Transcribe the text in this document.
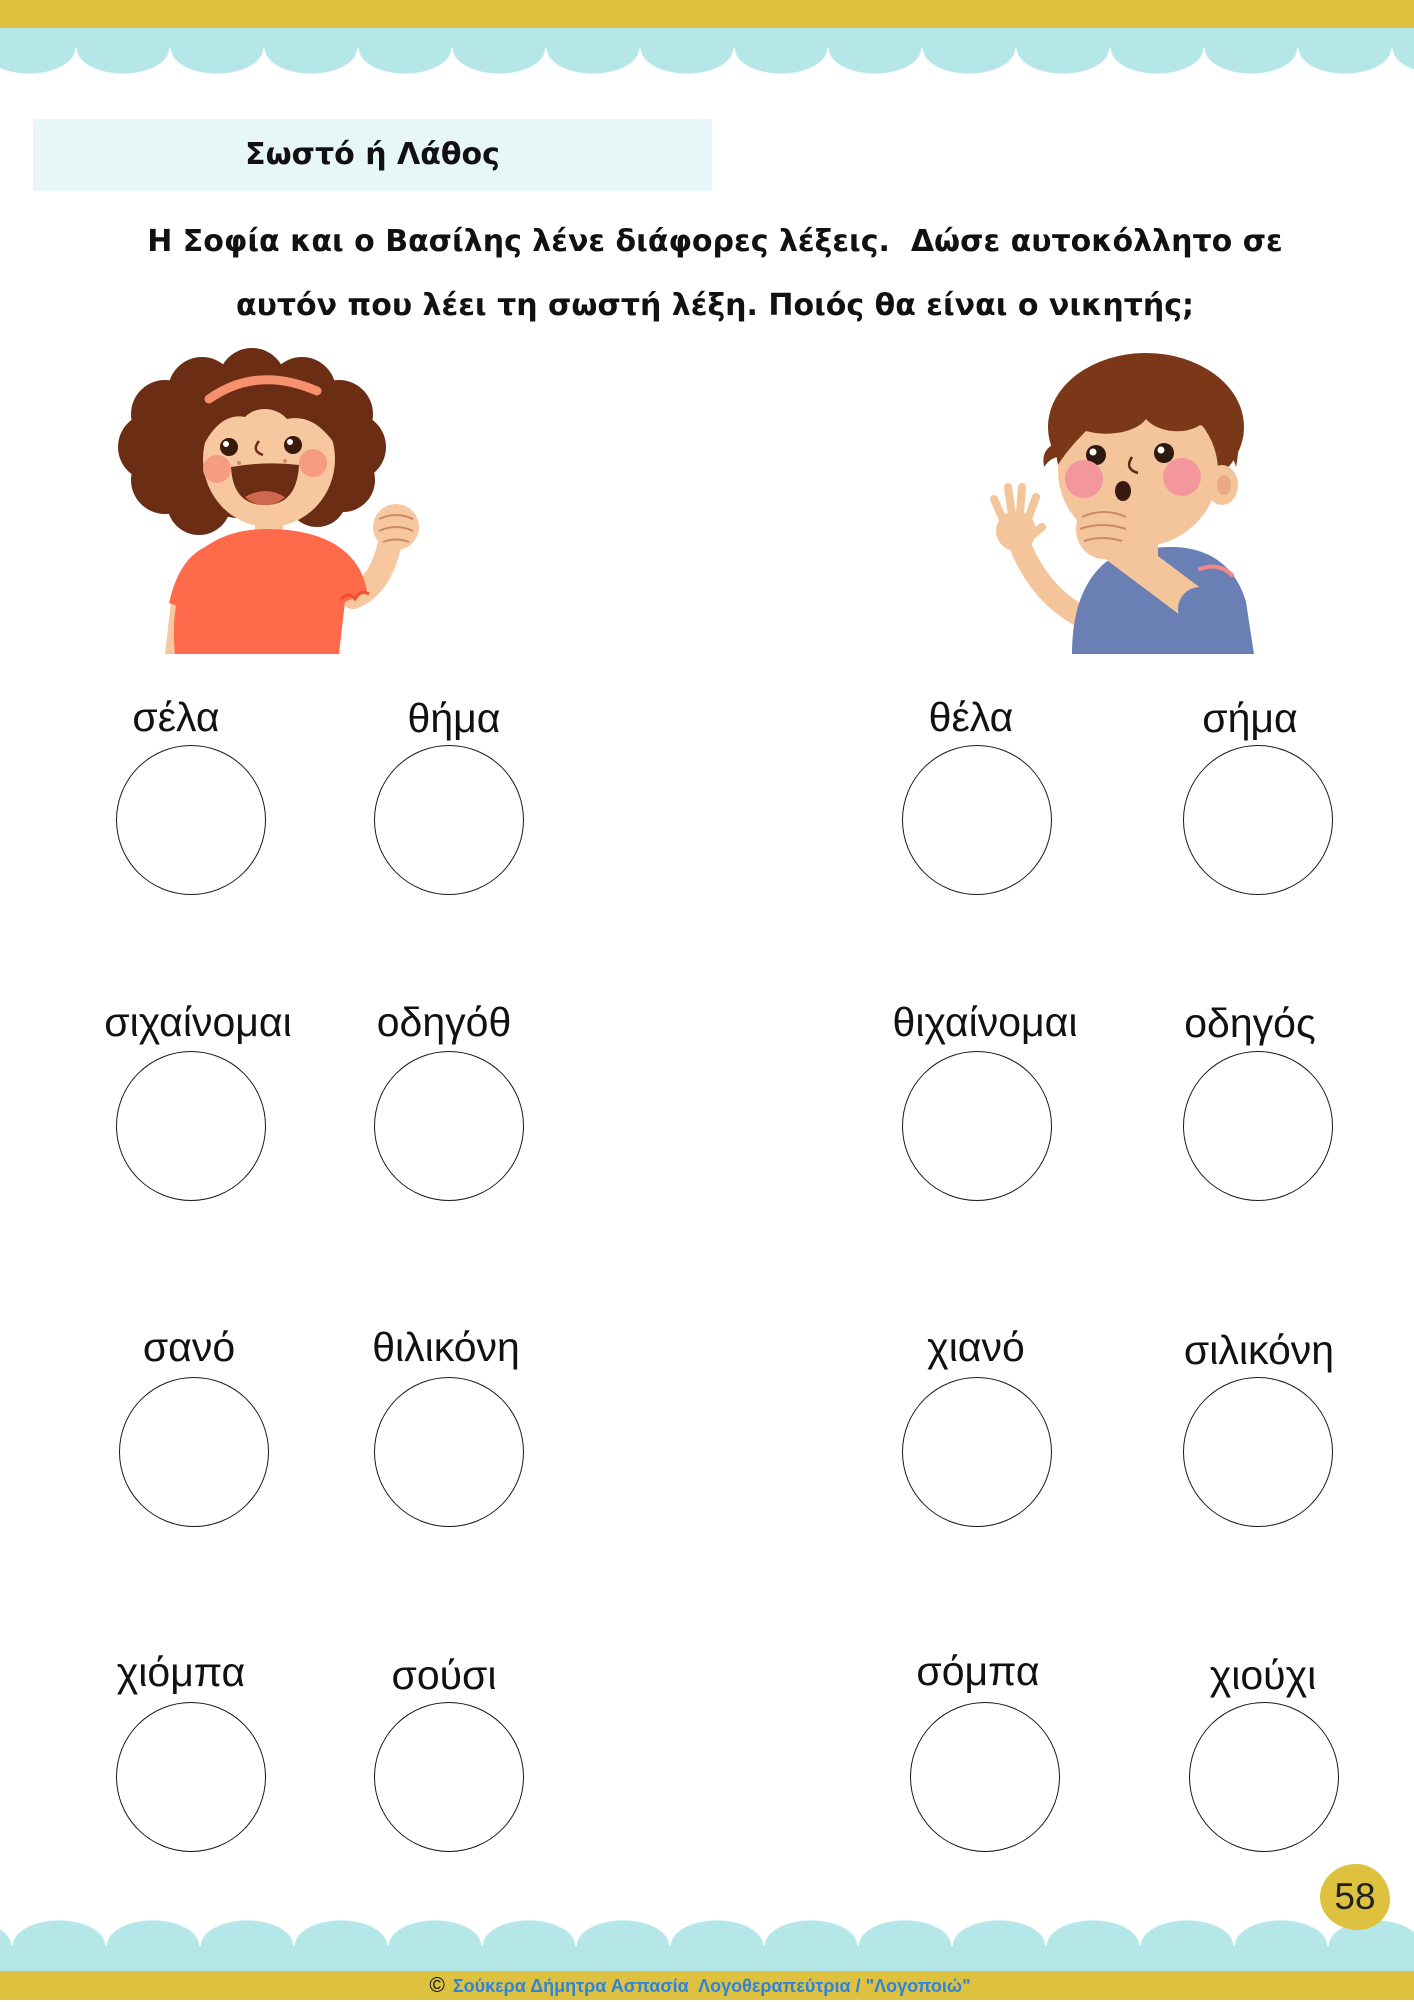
Σωστό ή Λάθος
Η Σοφία και ο Βασίλης λένε διάφορες λέξεις.  Δώσε αυτοκόλλητο σε
αυτόν που λέει τη σωστή λέξη. Ποιός θα είναι ο νικητής;
σέλα	θήμα	θέλα	σήμα
σιχαίνομαι	οδηγόθ	θιχαίνομαι	οδηγός
σανό	θιλικόνη	χιανό	σιλικόνη
χιόμπα	σούσι	σόμπα	χιούχι
58
© Σούκερα Δήμητρα Ασπασία  Λογοθεραπεύτρια / "Λογοποιώ"
